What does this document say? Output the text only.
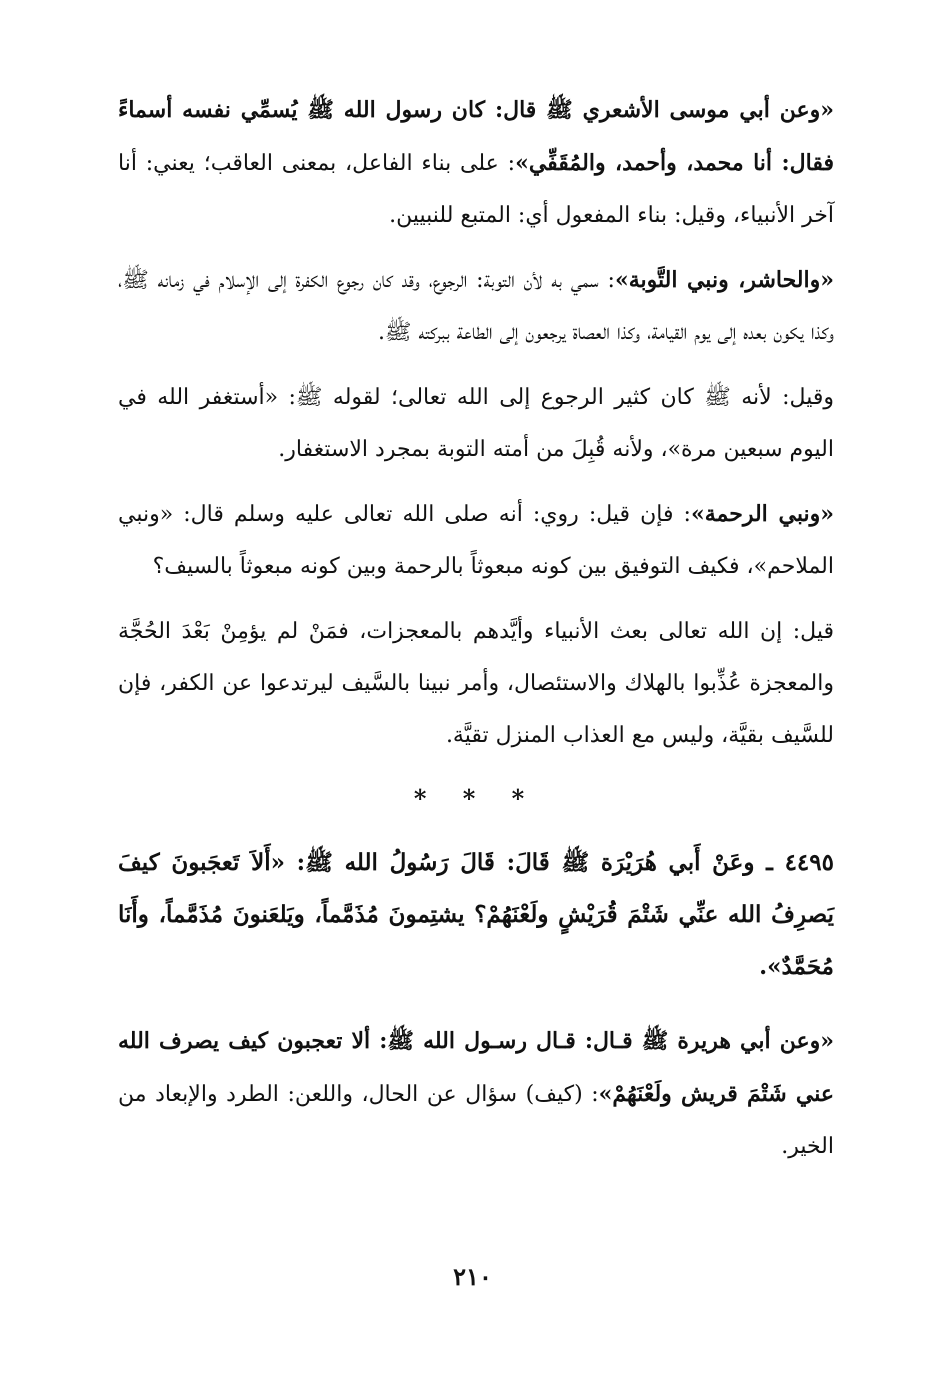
«وعن أبي موسى الأشعري ﷺ قال: كان رسول الله ﷺ يُسمِّي نفسه أسماءً فقال: أنا محمد، وأحمد، والمُقَفِّي»: على بناء الفاعل، بمعنى العاقب؛ يعني: أنا آخر الأنبياء، وقيل: بناء المفعول أي: المتبع للنبيين.

«والحاشر، ونبي التَّوبة»: سمي به لأن التوبة: الرجوع، وقد كان رجوع الكفرة إلى الإسلام في زمانه ﷺ، وكذا يكون بعده إلى يوم القيامة، وكذا العصاة يرجعون إلى الطاعة ببركته ﷺ.

وقيل: لأنه ﷺ كان كثير الرجوع إلى الله تعالى؛ لقوله ﷺ: «أستغفر الله في اليوم سبعين مرة»، ولأنه قُبِلَ من أمته التوبة بمجرد الاستغفار.

«ونبي الرحمة»: فإن قيل: روي: أنه صلى الله تعالى عليه وسلم قال: «ونبي الملاحم»، فكيف التوفيق بين كونه مبعوثاً بالرحمة وبين كونه مبعوثاً بالسيف؟

قيل: إن الله تعالى بعث الأنبياء وأيَّدهم بالمعجزات، فمَنْ لم يؤمِنْ بَعْدَ الحُجَّة والمعجزة عُذِّبوا بالهلاك والاستئصال، وأمر نبينا بالسَّيف ليرتدعوا عن الكفر، فإن للسَّيف بقيَّة، وليس مع العذاب المنزل تقيَّة.

* * *

٤٤٩٥ ـ وعَنْ أَبي هُرَيْرَة ﷺ قَالَ: قَالَ رَسُولُ الله ﷺ: «أَلاَ تَعجَبونَ كيفَ يَصرِفُ الله عنِّي شَتْمَ قُرَيْشٍ ولَعْنَهُمْ؟ يشتِمونَ مُذَمَّماً، ويَلعَنونَ مُذَمَّماً، وأَنَا مُحَمَّدٌ».

«وعن أبي هريرة ﷺ قـال: قـال رسـول الله ﷺ: ألا تعجبون كيف يصرف الله عني شَتْمَ قريش ولَعْنَهُمْ»: (كيف) سؤال عن الحال، واللعن: الطرد والإبعاد من الخير.

٢١٠
